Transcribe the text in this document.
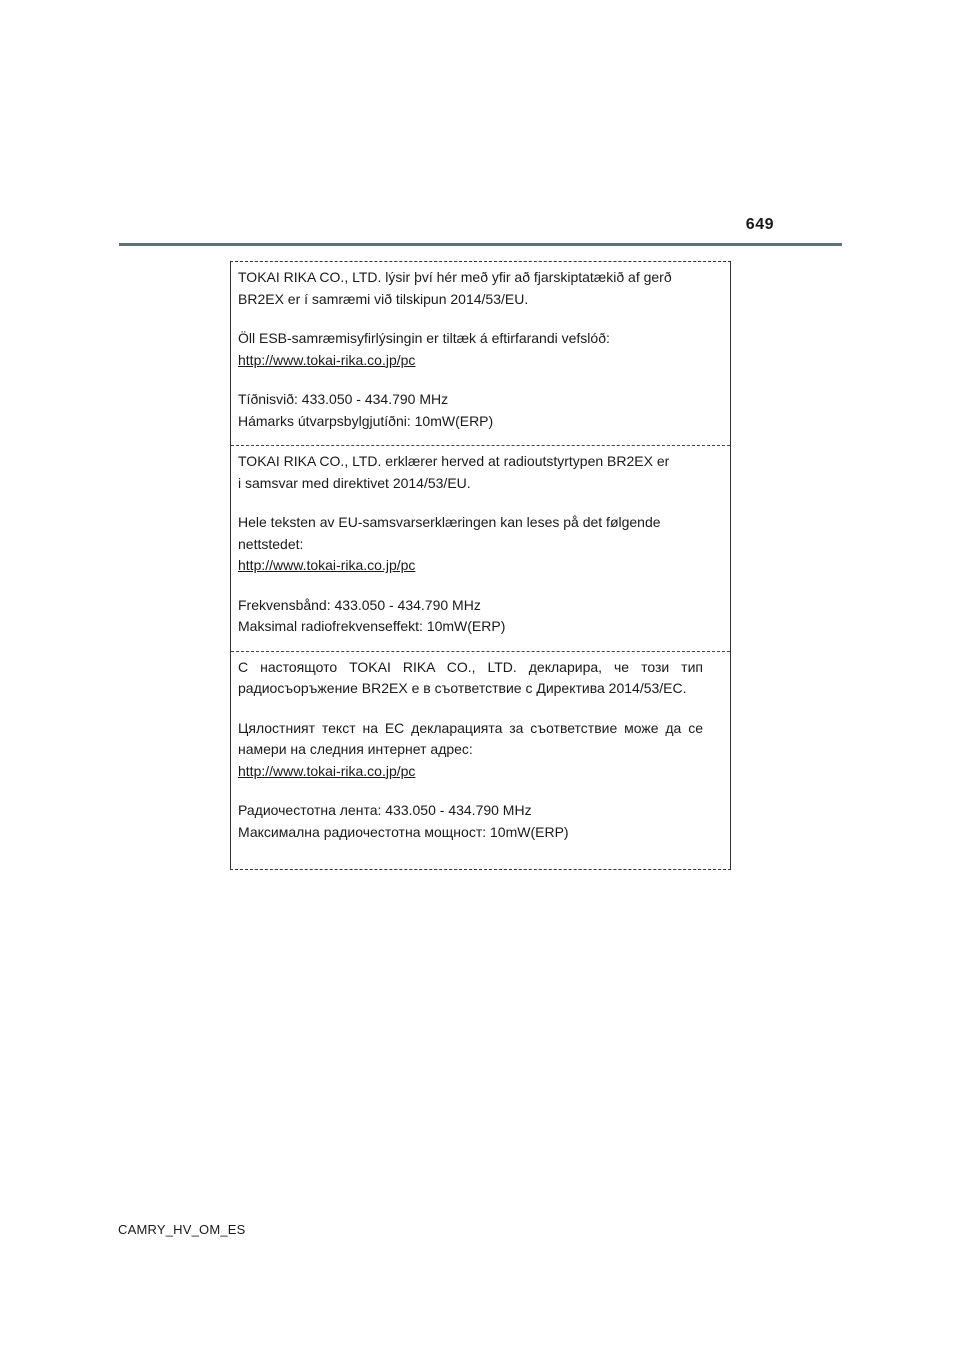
649

TOKAI RIKA CO., LTD. lýsir því hér með yfir að fjarskiptatækið af gerð
BR2EX er í samræmi við tilskipun 2014/53/EU.

Öll ESB-samræmisyfirlýsingin er tiltæk á eftirfarandi vefslóð:
http://www.tokai-rika.co.jp/pc

Tíðnisvið: 433.050 - 434.790 MHz
Hámarks útvarpsbylgjutíðni: 10mW(ERP)

TOKAI RIKA CO., LTD. erklærer herved at radioutstyrtypen BR2EX er
i samsvar med direktivet 2014/53/EU.

Hele teksten av EU-samsvarserklæringen kan leses på det følgende
nettstedet:
http://www.tokai-rika.co.jp/pc

Frekvensbånd: 433.050 - 434.790 MHz
Maksimal radiofrekvenseffekt: 10mW(ERP)

С настоящото TOKAI RIKA CO., LTD. декларира, че този тип радиосъоръжение BR2EX е в съответствие с Директива 2014/53/ЕС.

Цялостният текст на ЕС декларацията за съответствие може да се намери на следния интернет адрес:
http://www.tokai-rika.co.jp/pc

Радиочестотна лента: 433.050 - 434.790 MHz
Максимална радиочестотна мощност: 10mW(ERP)

CAMRY_HV_OM_ES
